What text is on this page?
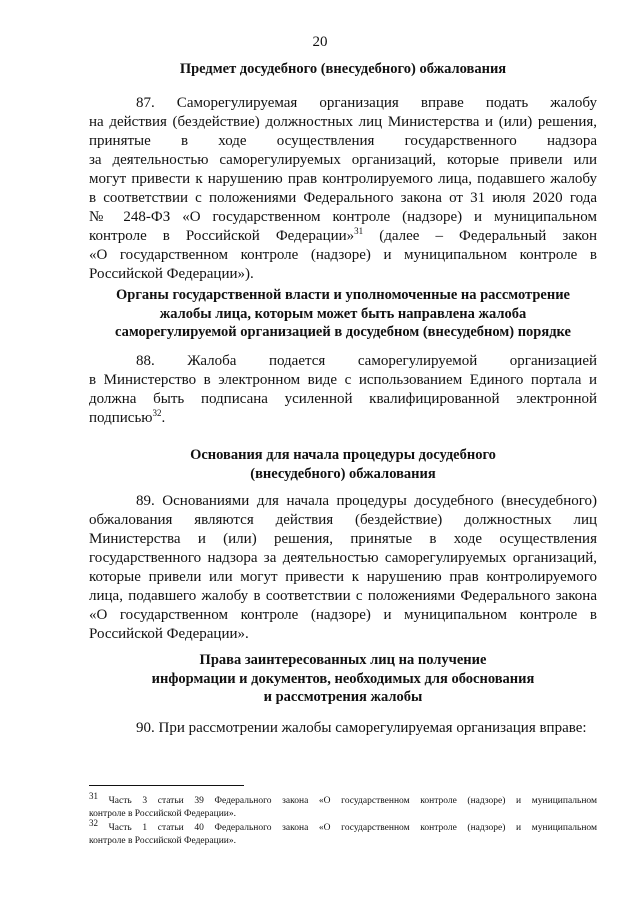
20
Предмет досудебного (внесудебного) обжалования
87. Саморегулируемая организация вправе подать жалобу
на действия (бездействие) должностных лиц Министерства и (или) решения,
принятые в ходе осуществления государственного надзора
за деятельностью саморегулируемых организаций, которые привели или
могут привести к нарушению прав контролируемого лица, подавшего жалобу
в соответствии с положениями Федерального закона от 31 июля 2020 года
№ 248-ФЗ «О государственном контроле (надзоре) и муниципальном
контроле в Российской Федерации»$^{31}$ (далее – Федеральный закон
«О государственном контроле (надзоре) и муниципальном контроле в
Российской Федерации»).
Органы государственной власти и уполномоченные на рассмотрение
жалобы лица, которым может быть направлена жалоба
саморегулируемой организацией в досудебном (внесудебном) порядке
88. Жалоба подается саморегулируемой организацией
в Министерство в электронном виде с использованием Единого портала и
должна быть подписана усиленной квалифицированной электронной
подписью$^{32}$.
Основания для начала процедуры досудебного
(внесудебного) обжалования
89. Основаниями для начала процедуры досудебного (внесудебного)
обжалования являются действия (бездействие) должностных лиц
Министерства и (или) решения, принятые в ходе осуществления
государственного надзора за деятельностью саморегулируемых организаций,
которые привели или могут привести к нарушению прав контролируемого
лица, подавшего жалобу в соответствии с положениями Федерального закона
«О государственном контроле (надзоре) и муниципальном контроле в
Российской Федерации».
Права заинтересованных лиц на получение
информации и документов, необходимых для обоснования
и рассмотрения жалобы
90. При рассмотрении жалобы саморегулируемая организация вправе:
$^{31}$ Часть 3 статьи 39 Федерального закона «О государственном контроле (надзоре) и муниципальном
контроле в Российской Федерации».
$^{32}$ Часть 1 статьи 40 Федерального закона «О государственном контроле (надзоре) и муниципальном
контроле в Российской Федерации».
